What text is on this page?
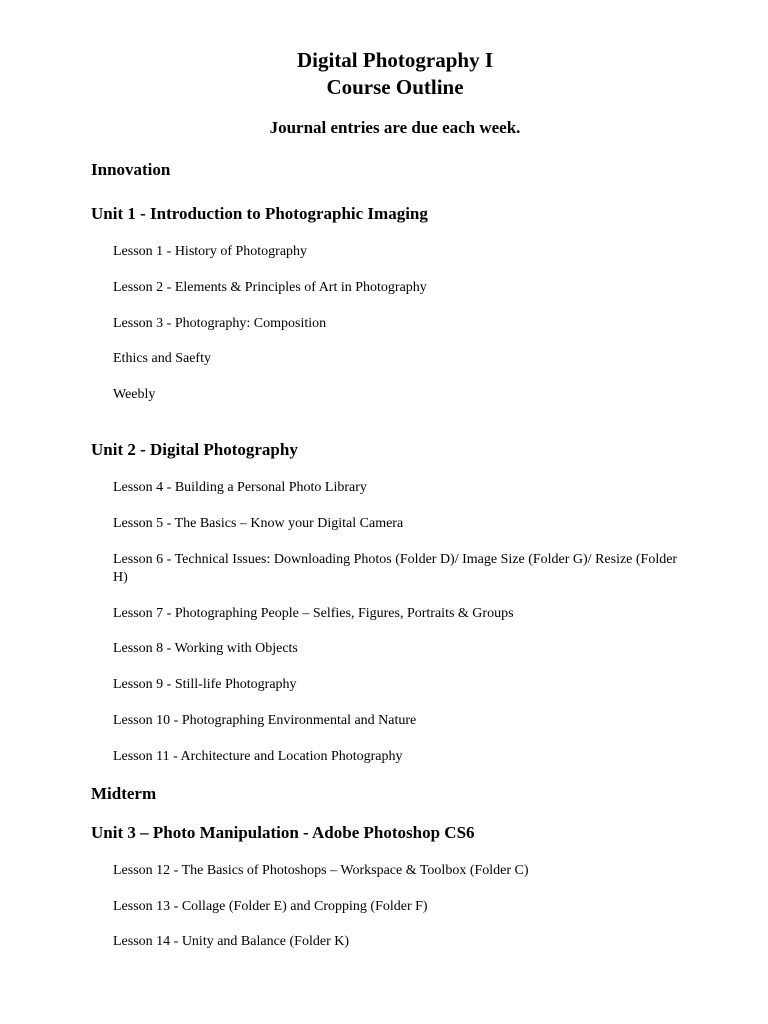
Digital Photography I
Course Outline
Journal entries are due each week.
Innovation
Unit 1 - Introduction to Photographic Imaging
Lesson 1 - History of Photography
Lesson 2 - Elements & Principles of Art in Photography
Lesson 3 - Photography: Composition
Ethics and Saefty
Weebly
Unit 2 - Digital Photography
Lesson 4 - Building a Personal Photo Library
Lesson 5 - The Basics – Know your Digital Camera
Lesson 6 - Technical Issues: Downloading Photos (Folder D)/ Image Size (Folder G)/ Resize (Folder H)
Lesson 7 - Photographing People – Selfies, Figures, Portraits & Groups
Lesson 8 - Working with Objects
Lesson 9 - Still-life Photography
Lesson 10 - Photographing Environmental and Nature
Lesson 11 - Architecture and Location Photography
Midterm
Unit 3 – Photo Manipulation - Adobe Photoshop CS6
Lesson 12 - The Basics of Photoshops – Workspace & Toolbox (Folder C)
Lesson 13 - Collage (Folder E) and Cropping (Folder F)
Lesson 14 - Unity and Balance (Folder K)
